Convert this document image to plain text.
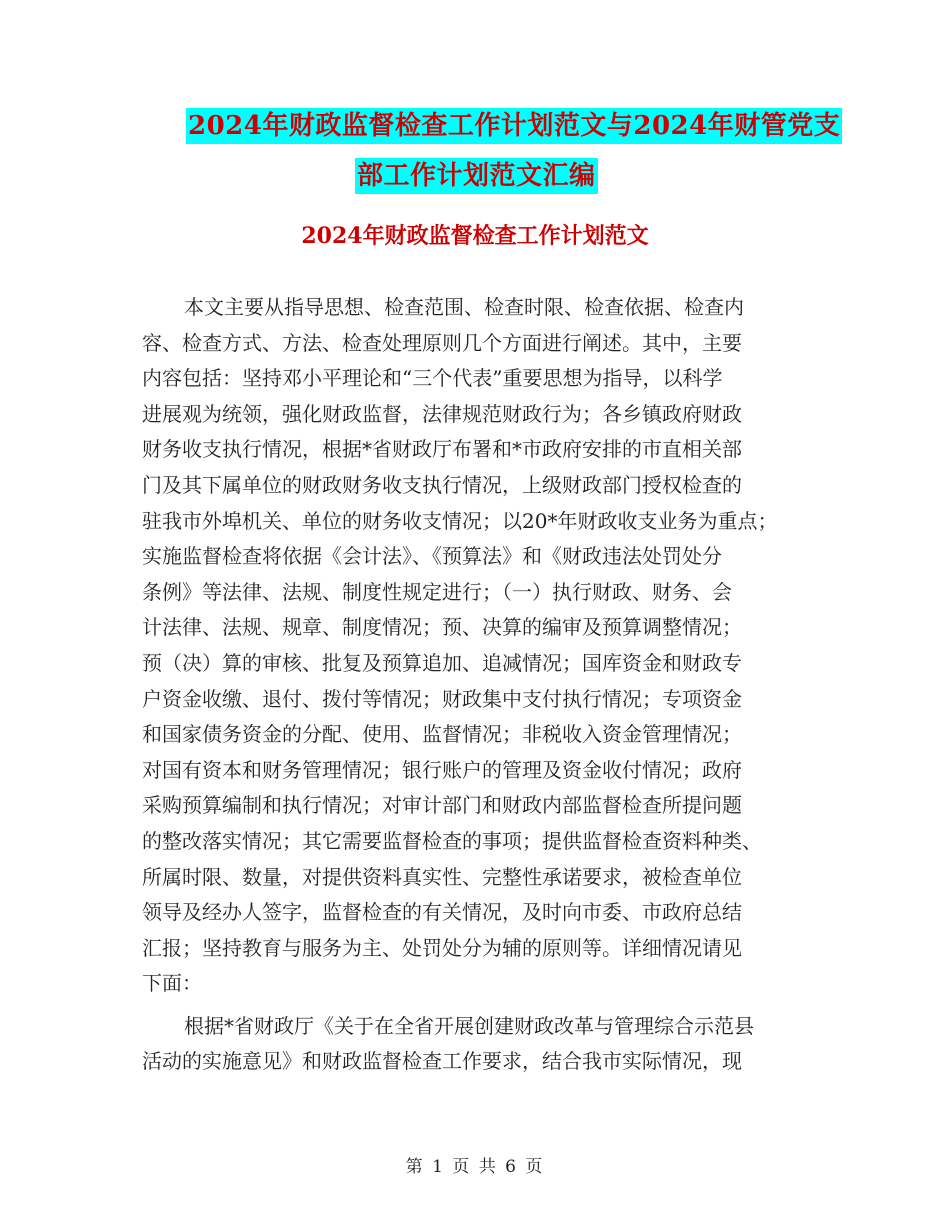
2024年财政监督检查工作计划范文与2024年财管党支
部工作计划范文汇编
2024年财政监督检查工作计划范文
本文主要从指导思想、检查范围、检查时限、检查依据、检查内
容、检查方式、方法、检查处理原则几个方面进行阐述。其中，主要
内容包括：坚持邓小平理论和“三个代表”重要思想为指导，以科学
进展观为统领，强化财政监督，法律规范财政行为；各乡镇政府财政
财务收支执行情况，根据*省财政厅布署和*市政府安排的市直相关部
门及其下属单位的财政财务收支执行情况，上级财政部门授权检查的
驻我市外埠机关、单位的财务收支情况；以20*年财政收支业务为重点；
实施监督检查将依据《会计法》、《预算法》和《财政违法处罚处分
条例》等法律、法规、制度性规定进行；（一）执行财政、财务、会
计法律、法规、规章、制度情况；预、决算的编审及预算调整情况；
预（决）算的审核、批复及预算追加、追减情况；国库资金和财政专
户资金收缴、退付、拨付等情况；财政集中支付执行情况；专项资金
和国家债务资金的分配、使用、监督情况；非税收入资金管理情况；
对国有资本和财务管理情况；银行账户的管理及资金收付情况；政府
采购预算编制和执行情况；对审计部门和财政内部监督检查所提问题
的整改落实情况；其它需要监督检查的事项；提供监督检查资料种类、
所属时限、数量，对提供资料真实性、完整性承诺要求，被检查单位
领导及经办人签字，监督检查的有关情况，及时向市委、市政府总结
汇报；坚持教育与服务为主、处罚处分为辅的原则等。详细情况请见
下面：
根据*省财政厅《关于在全省开展创建财政改革与管理综合示范县
活动的实施意见》和财政监督检查工作要求，结合我市实际情况，现
第 1 页 共 6 页
